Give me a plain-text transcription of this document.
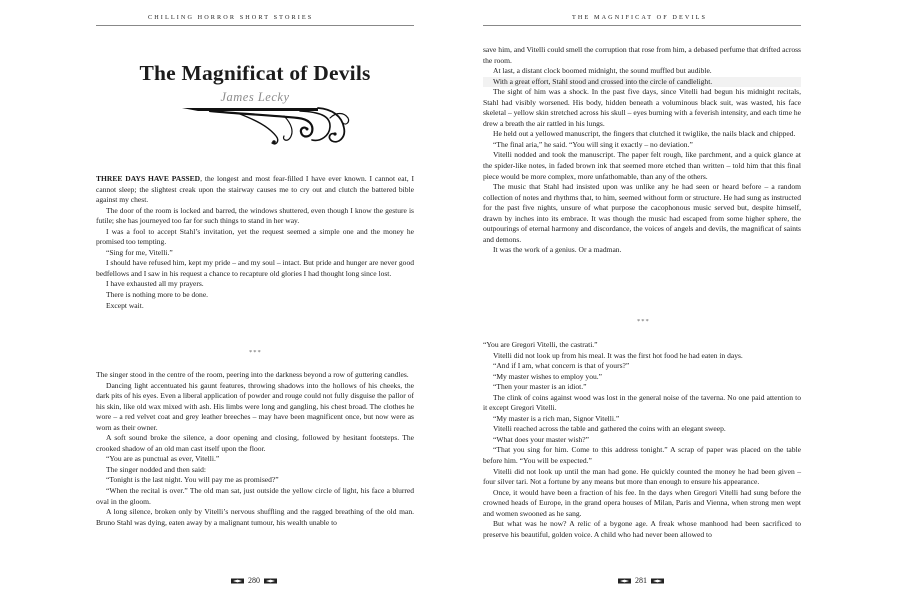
CHILLING HORROR SHORT STORIES
The Magnificat of Devils
James Lecky

THREE DAYS HAVE PASSED, the longest and most fear-filled I have ever known. I cannot eat, I cannot sleep; the slightest creak upon the stairway causes me to cry out and clutch the battered bible against my chest.

The door of the room is locked and barred, the windows shuttered, even though I know the gesture is futile; she has journeyed too far for such things to stand in her way.

I was a fool to accept Stahl’s invitation, yet the request seemed a simple one and the money he promised too tempting.

“Sing for me, Vitelli.”

I should have refused him, kept my pride – and my soul – intact. But pride and hunger are never good bedfellows and I saw in his request a chance to recapture old glories I had thought long since lost.

I have exhausted all my prayers.

There is nothing more to be done.

Except wait.

***

The singer stood in the centre of the room, peering into the darkness beyond a row of guttering candles.

Dancing light accentuated his gaunt features, throwing shadows into the hollows of his cheeks, the dark pits of his eyes. Even a liberal application of powder and rouge could not fully disguise the pallor of his skin, like old wax mixed with ash. His limbs were long and gangling, his chest broad. The clothes he wore – a red velvet coat and grey leather breeches – may have been magnificent once, but now were as worn as their owner.

A soft sound broke the silence, a door opening and closing, followed by hesitant footsteps. The crooked shadow of an old man cast itself upon the floor.

“You are as punctual as ever, Vitelli.”

The singer nodded and then said:

“Tonight is the last night. You will pay me as promised?”

“When the recital is over.” The old man sat, just outside the yellow circle of light, his face a blurred oval in the gloom.

A long silence, broken only by Vitelli’s nervous shuffling and the ragged breathing of the old man. Bruno Stahl was dying, eaten away by a malignant tumour, his wealth unable to

280
THE MAGNIFICAT OF DEVILS

save him, and Vitelli could smell the corruption that rose from him, a debased perfume that drifted across the room.

At last, a distant clock boomed midnight, the sound muffled but audible.

With a great effort, Stahl stood and crossed into the circle of candlelight.

The sight of him was a shock. In the past five days, since Vitelli had begun his midnight recitals, Stahl had visibly worsened. His body, hidden beneath a voluminous black suit, was wasted, his face skeletal – yellow skin stretched across his skull – eyes burning with a feverish intensity, and each time he drew a breath the air rattled in his lungs.

He held out a yellowed manuscript, the fingers that clutched it twiglike, the nails black and chipped.

“The final aria,” he said. “You will sing it exactly – no deviation.”

Vitelli nodded and took the manuscript. The paper felt rough, like parchment, and a quick glance at the spider-like notes, in faded brown ink that seemed more etched than written – told him that this final piece would be more complex, more unfathomable, than any of the others.

The music that Stahl had insisted upon was unlike any he had seen or heard before – a random collection of notes and rhythms that, to him, seemed without form or structure. He had sung as instructed for the past five nights, unsure of what purpose the cacophonous music served but, despite himself, drawn by inches into its embrace. It was though the music had escaped from some higher sphere, the outpourings of eternal harmony and discordance, the voices of angels and devils, the magnificat of saints and demons.

It was the work of a genius. Or a madman.

***

“You are Gregori Vitelli, the castrati.”

Vitelli did not look up from his meal. It was the first hot food he had eaten in days.

“And if I am, what concern is that of yours?”

“My master wishes to employ you.”

“Then your master is an idiot.”

The clink of coins against wood was lost in the general noise of the taverna. No one paid attention to it except Gregori Vitelli.

“My master is a rich man, Signor Vitelli.”

Vitelli reached across the table and gathered the coins with an elegant sweep.

“What does your master wish?”

“That you sing for him. Come to this address tonight.” A scrap of paper was placed on the table before him. “You will be expected.”

Vitelli did not look up until the man had gone. He quickly counted the money he had been given – four silver tari. Not a fortune by any means but more than enough to ensure his appearance.

Once, it would have been a fraction of his fee. In the days when Gregori Vitelli had sung before the crowned heads of Europe, in the grand opera houses of Milan, Paris and Vienna, when strong men wept and women swooned as he sang.

But what was he now? A relic of a bygone age. A freak whose manhood had been sacrificed to preserve his beautiful, golden voice. A child who had never been allowed to

281
